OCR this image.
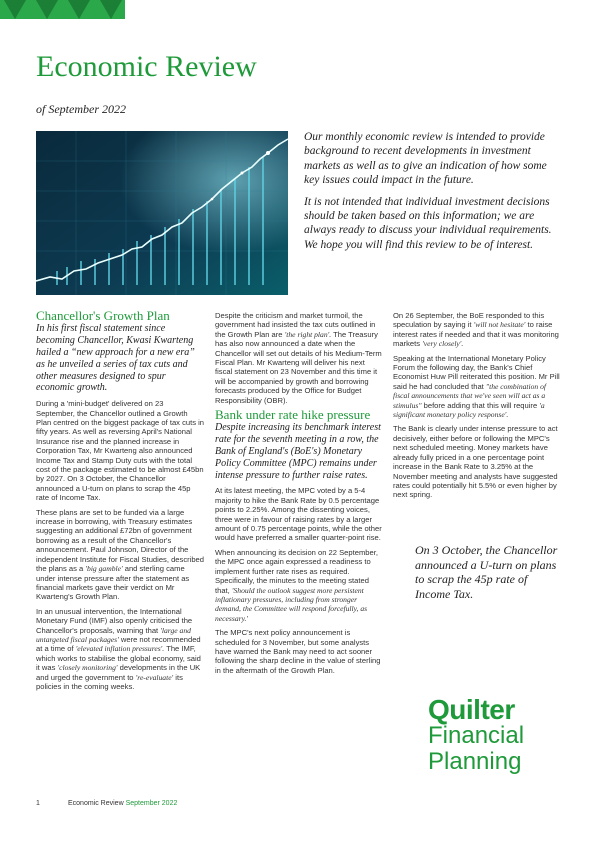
Economic Review
of September 2022

Our monthly economic review is intended to provide background to recent developments in investment markets as well as to give an indication of how some key issues could impact in the future.

It is not intended that individual investment decisions should be taken based on this information; we are always ready to discuss your individual requirements. We hope you will find this review to be of interest.

Chancellor's Growth Plan

In his first fiscal statement since becoming Chancellor, Kwasi Kwarteng hailed a “new approach for a new era” as he unveiled a series of tax cuts and other measures designed to spur economic growth.

During a 'mini-budget' delivered on 23 September, the Chancellor outlined a Growth Plan centred on the biggest package of tax cuts in fifty years. As well as reversing April's National Insurance rise and the planned increase in Corporation Tax, Mr Kwarteng also announced Income Tax and Stamp Duty cuts with the total cost of the package estimated to be almost £45bn by 2027. On 3 October, the Chancellor announced a U-turn on plans to scrap the 45p rate of Income Tax.

These plans are set to be funded via a large increase in borrowing, with Treasury estimates suggesting an additional £72bn of government borrowing as a result of the Chancellor's announcement. Paul Johnson, Director of the independent Institute for Fiscal Studies, described the plans as a 'big gamble' and sterling came under intense pressure after the statement as financial markets gave their verdict on Mr Kwarteng's Growth Plan.

In an unusual intervention, the International Monetary Fund (IMF) also openly criticised the Chancellor's proposals, warning that 'large and untargeted fiscal packages' were not recommended at a time of 'elevated inflation pressures'. The IMF, which works to stabilise the global economy, said it was 'closely monitoring' developments in the UK and urged the government to 're-evaluate' its policies in the coming weeks.

Despite the criticism and market turmoil, the government had insisted the tax cuts outlined in the Growth Plan are 'the right plan'. The Treasury has also now announced a date when the Chancellor will set out details of his Medium-Term Fiscal Plan. Mr Kwarteng will deliver his next fiscal statement on 23 November and this time it will be accompanied by growth and borrowing forecasts produced by the Office for Budget Responsibility (OBR).

Bank under rate hike pressure

Despite increasing its benchmark interest rate for the seventh meeting in a row, the Bank of England's (BoE's) Monetary Policy Committee (MPC) remains under intense pressure to further raise rates.

At its latest meeting, the MPC voted by a 5-4 majority to hike the Bank Rate by 0.5 percentage points to 2.25%. Among the dissenting voices, three were in favour of raising rates by a larger amount of 0.75 percentage points, while the other would have preferred a smaller quarter-point rise.

When announcing its decision on 22 September, the MPC once again expressed a readiness to implement further rate rises as required. Specifically, the minutes to the meeting stated that, 'Should the outlook suggest more persistent inflationary pressures, including from stronger demand, the Committee will respond forcefully, as necessary.'

The MPC's next policy announcement is scheduled for 3 November, but some analysts have warned the Bank may need to act sooner following the sharp decline in the value of sterling in the aftermath of the Growth Plan.

On 26 September, the BoE responded to this speculation by saying it 'will not hesitate' to raise interest rates if needed and that it was monitoring markets 'very closely'.

Speaking at the International Monetary Policy Forum the following day, the Bank's Chief Economist Huw Pill reiterated this position. Mr Pill said he had concluded that "the combination of fiscal announcements that we've seen will act as a stimulus" before adding that this will require 'a significant monetary policy response'.

The Bank is clearly under intense pressure to act decisively, either before or following the MPC's next scheduled meeting. Money markets have already fully priced in a one percentage point increase in the Bank Rate to 3.25% at the November meeting and analysts have suggested rates could potentially hit 5.5% or even higher by next spring.

On 3 October, the Chancellor announced a U-turn on plans to scrap the 45p rate of Income Tax.
Quilter
Financial
Planning
1	Economic Review September 2022
